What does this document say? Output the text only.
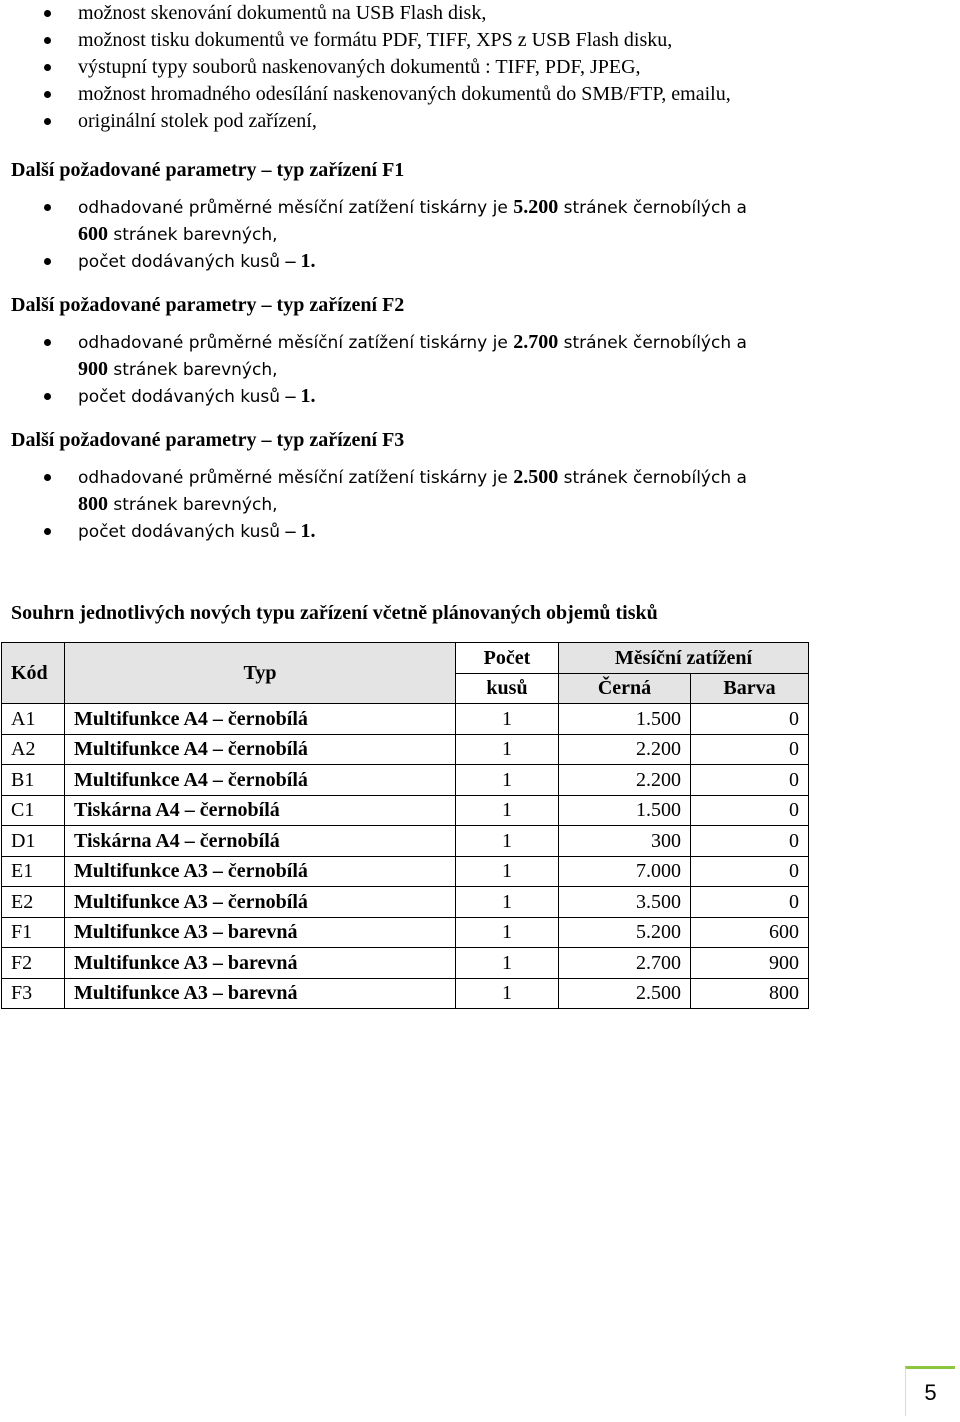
možnost skenování dokumentů na USB Flash disk,
možnost tisku dokumentů ve formátu PDF, TIFF, XPS z USB Flash disku,
výstupní typy souborů naskenovaných dokumentů : TIFF, PDF, JPEG,
možnost hromadného odesílání naskenovaných dokumentů do SMB/FTP, emailu,
originální stolek pod zařízení,
Další požadované parametry – typ zařízení F1
odhadované průměrné měsíční zatížení tiskárny je 5.200 stránek černobílých a 600 stránek barevných,
počet dodávaných kusů – 1.
Další požadované parametry – typ zařízení F2
odhadované průměrné měsíční zatížení tiskárny je 2.700 stránek černobílých a 900 stránek barevných,
počet dodávaných kusů – 1.
Další požadované parametry – typ zařízení F3
odhadované průměrné měsíční zatížení tiskárny je 2.500 stránek černobílých a 800 stránek barevných,
počet dodávaných kusů – 1.
Souhrn jednotlivých nových typu zařízení včetně plánovaných objemů tisků
Kód	Typ	Počet	Měsíční zatížení	
		kusů	Černá	Barva
A1	Multifunkce A4 – černobílá	1	1.500	0
A2	Multifunkce A4 – černobílá	1	2.200	0
B1	Multifunkce A4 – černobílá	1	2.200	0
C1	Tiskárna A4 – černobílá	1	1.500	0
D1	Tiskárna A4 – černobílá	1	300	0
E1	Multifunkce A3 – černobílá	1	7.000	0
E2	Multifunkce A3 – černobílá	1	3.500	0
F1	Multifunkce A3 – barevná	1	5.200	600
F2	Multifunkce A3 – barevná	1	2.700	900
F3	Multifunkce A3 – barevná	1	2.500	800
5
